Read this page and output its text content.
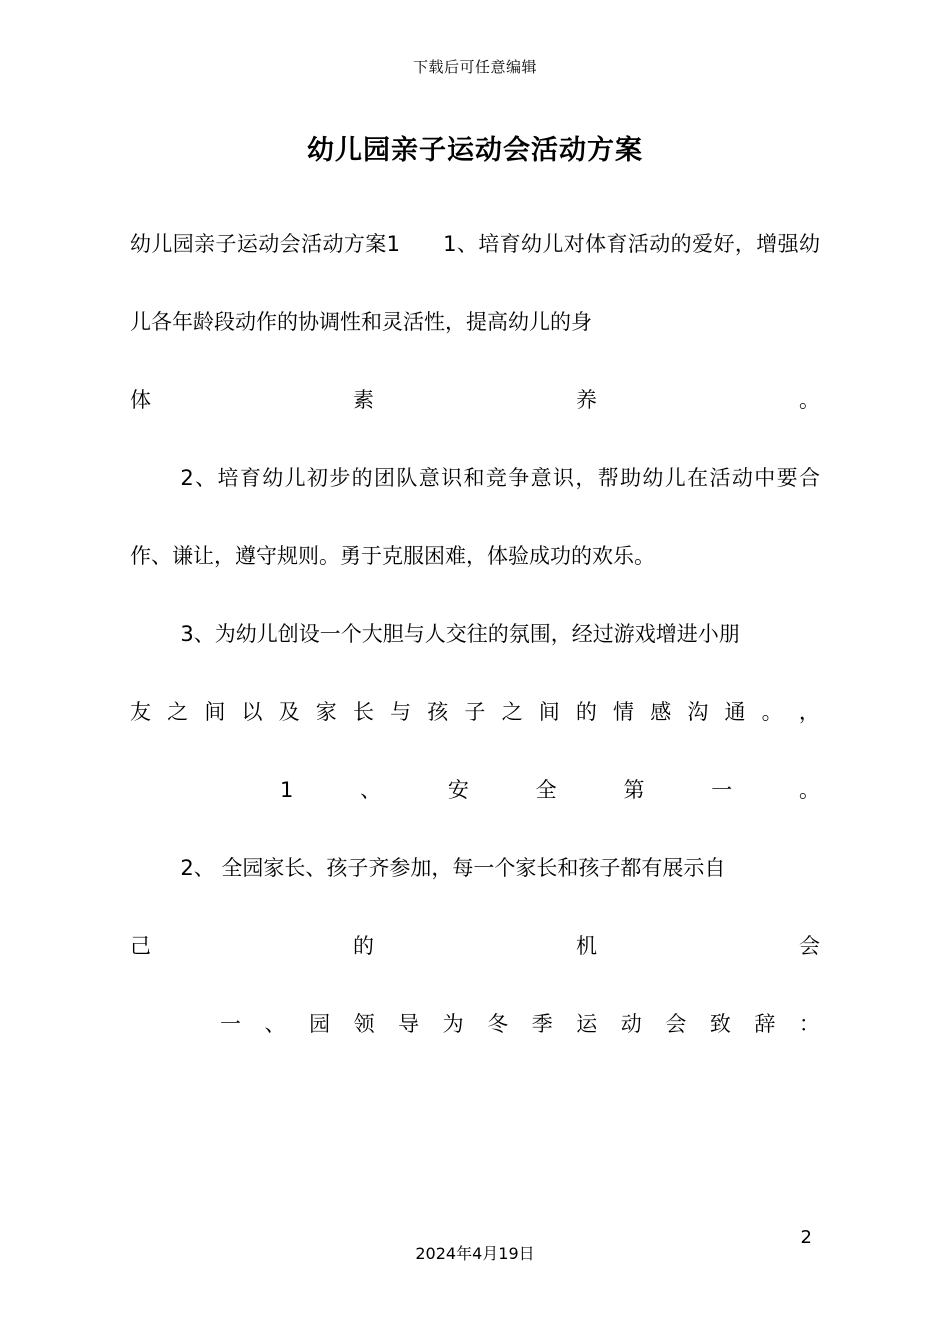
下载后可任意编辑
幼儿园亲子运动会活动方案

幼儿园亲子运动会活动方案1　　1、培育幼儿对体育活动的爱好，增强幼儿各年龄段动作的协调性和灵活性，提高幼儿的身

体	素	养	。

2、培育幼儿初步的团队意识和竞争意识，帮助幼儿在活动中要合作、谦让，遵守规则。勇于克服困难，体验成功的欢乐。

3、为幼儿创设一个大胆与人交往的氛围，经过游戏增进小朋

友 之 间 以 及 家 长 与 孩 子 之 间 的 情 感 沟 通 。 ，
1	、	安	全	第	一	。

2、 全园家长、孩子齐参加，每一个家长和孩子都有展示自

己	的	机	会
一 、 园 领 导 为 冬 季 运 动 会 致 辞 ：
2024年4月19日
2
